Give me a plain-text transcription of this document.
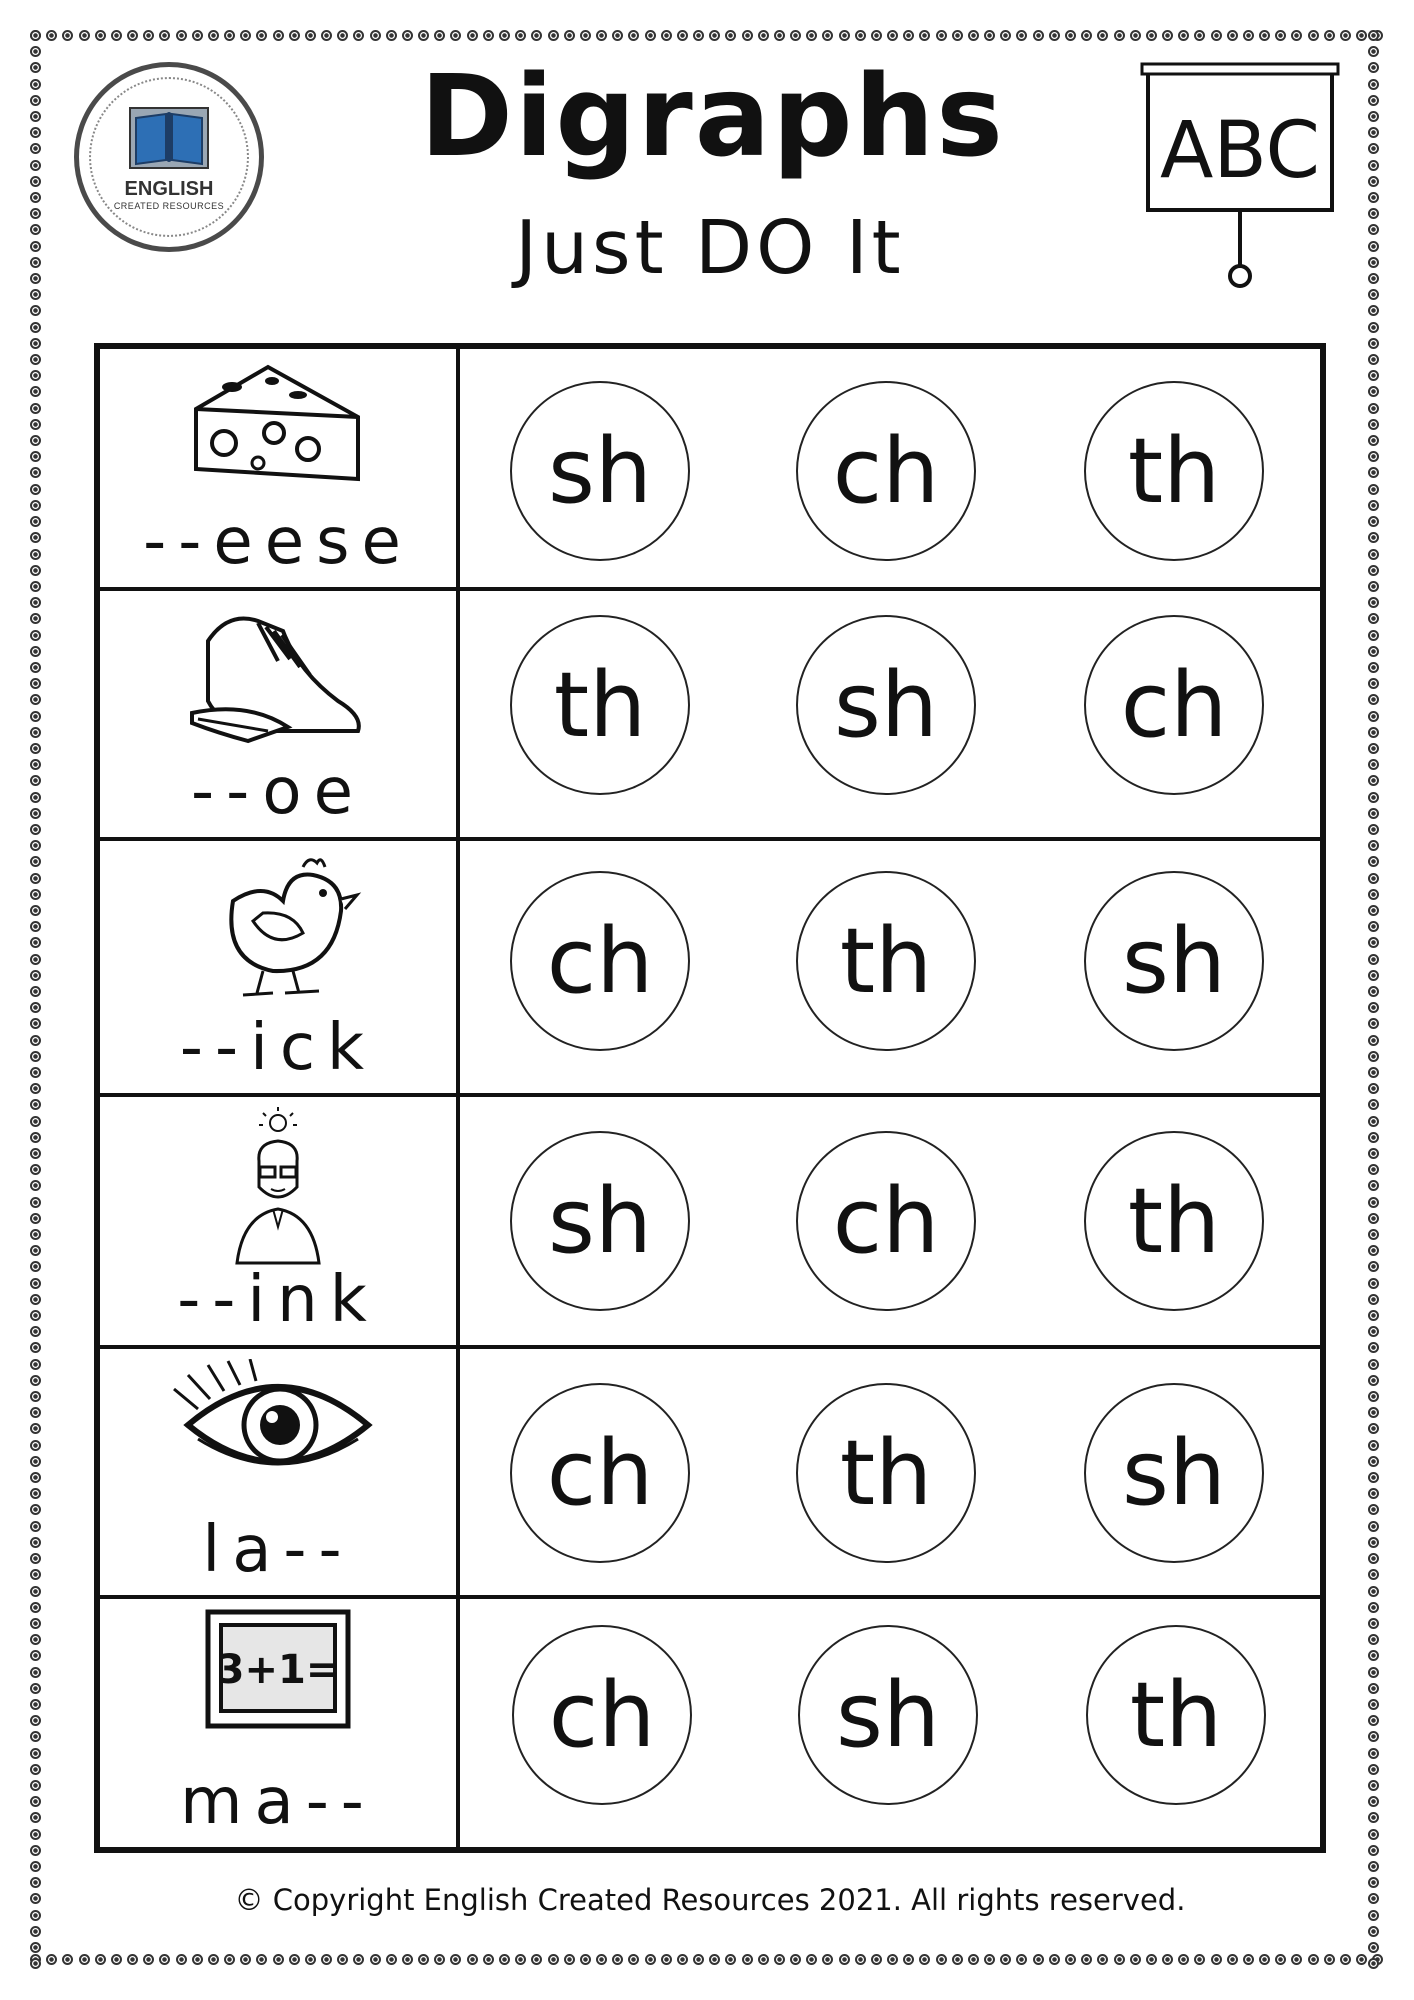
ENGLISH
CREATED RESOURCES
Digraphs
Just DO It
ABC
--eese
sh	ch	th
--oe
th	sh	ch
--ick
ch	th	sh
--ink
sh	ch	th
la--
ch	th	sh
3+1=
ma--
ch	sh	th
© Copyright English Created Resources 2021. All rights reserved.
